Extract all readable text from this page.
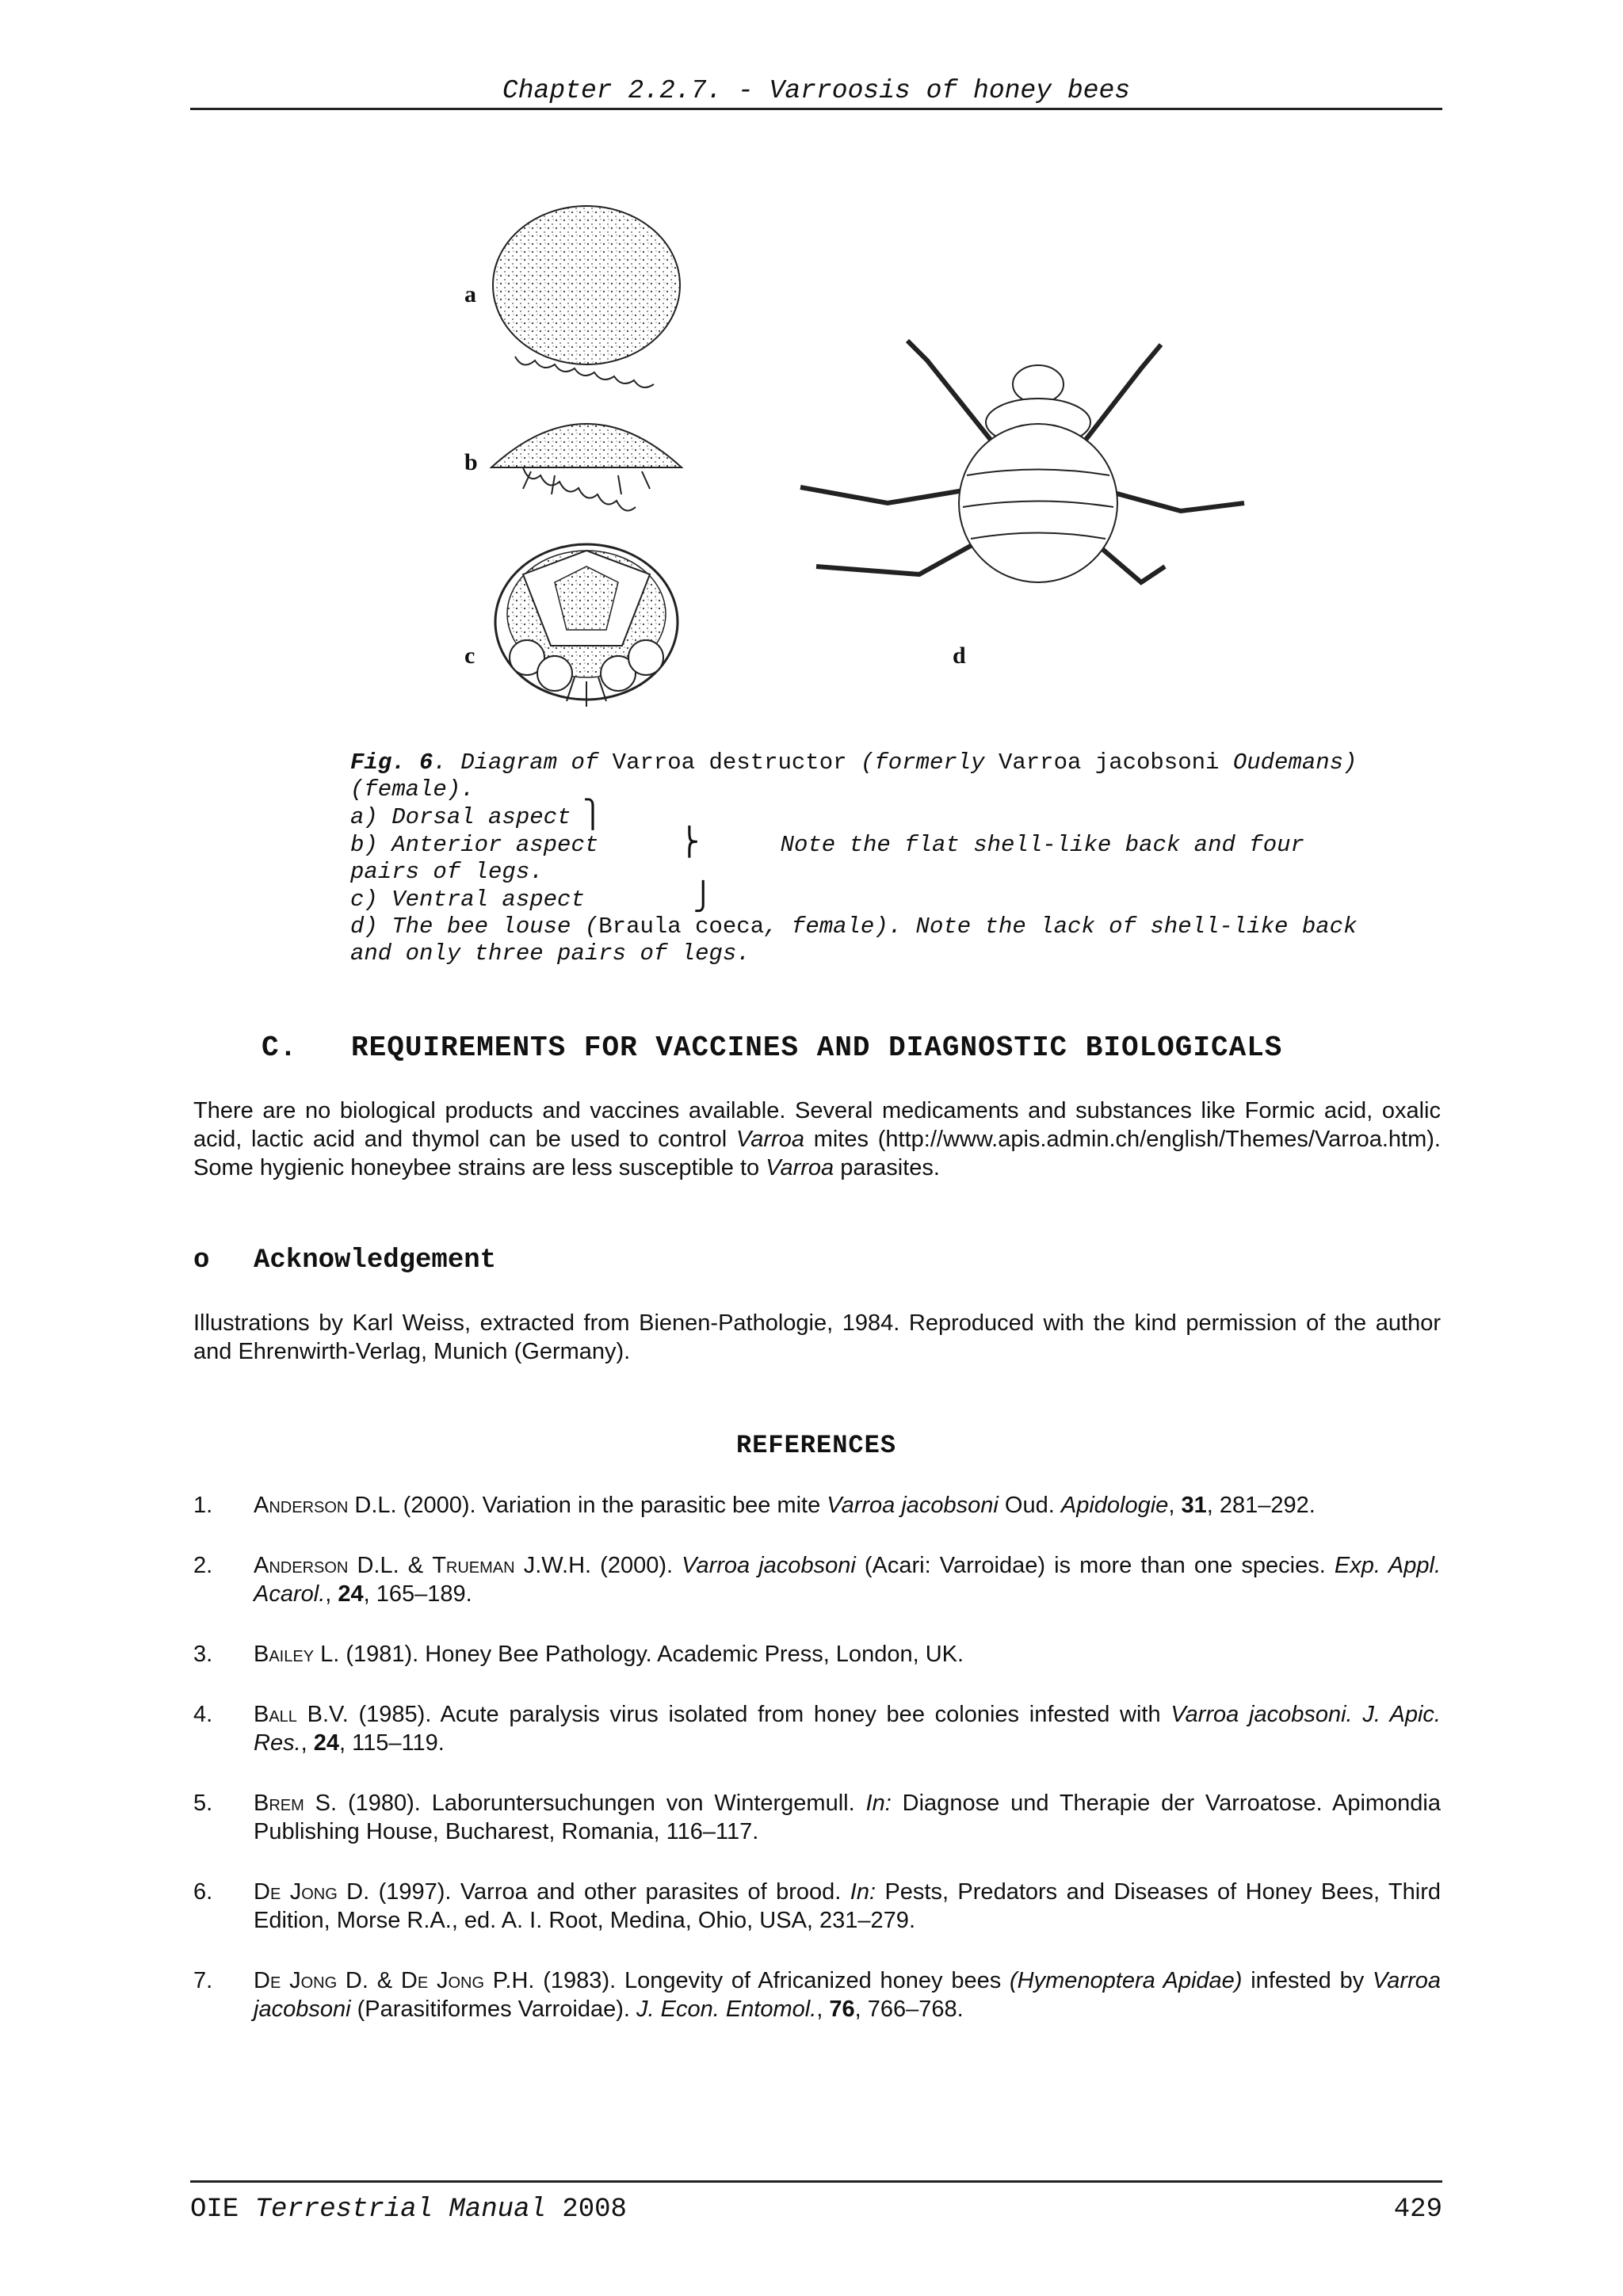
Chapter 2.2.7. - Varroosis of honey bees
a
b
c	d
Fig. 6. Diagram of Varroa destructor (formerly Varroa jacobsoni Oudemans)
(female).
a) Dorsal aspect ⎫
b) Anterior aspect	⎬	Note the flat shell-like back and four
pairs of legs.
c) Ventral aspect	⎭
d) The bee louse (Braula coeca, female). Note the lack of shell-like back
and only three pairs of legs.
C.   REQUIREMENTS FOR VACCINES AND DIAGNOSTIC BIOLOGICALS
There are no biological products and vaccines available. Several medicaments and substances like Formic acid, oxalic acid, lactic acid and thymol can be used to control Varroa mites (http://www.apis.admin.ch/english/Themes/Varroa.htm). Some hygienic honeybee strains are less susceptible to Varroa parasites.
o Acknowledgement
Illustrations by Karl Weiss, extracted from Bienen-Pathologie, 1984. Reproduced with the kind permission of the author and Ehrenwirth-Verlag, Munich (Germany).
REFERENCES
1. Anderson D.L. (2000). Variation in the parasitic bee mite Varroa jacobsoni Oud. Apidologie, 31, 281–292.
2. Anderson D.L. & Trueman J.W.H. (2000). Varroa jacobsoni (Acari: Varroidae) is more than one species. Exp. Appl. Acarol., 24, 165–189.
3. Bailey L. (1981). Honey Bee Pathology. Academic Press, London, UK.
4. Ball B.V. (1985). Acute paralysis virus isolated from honey bee colonies infested with Varroa jacobsoni. J. Apic. Res., 24, 115–119.
5. Brem S. (1980). Laboruntersuchungen von Wintergemull. In: Diagnose und Therapie der Varroatose. Apimondia Publishing House, Bucharest, Romania, 116–117.
6. De Jong D. (1997). Varroa and other parasites of brood. In: Pests, Predators and Diseases of Honey Bees, Third Edition, Morse R.A., ed. A. I. Root, Medina, Ohio, USA, 231–279.
7. De Jong D. & De Jong P.H. (1983). Longevity of Africanized honey bees (Hymenoptera Apidae) infested by Varroa jacobsoni (Parasitiformes Varroidae). J. Econ. Entomol., 76, 766–768.
OIE Terrestrial Manual 2008	429
